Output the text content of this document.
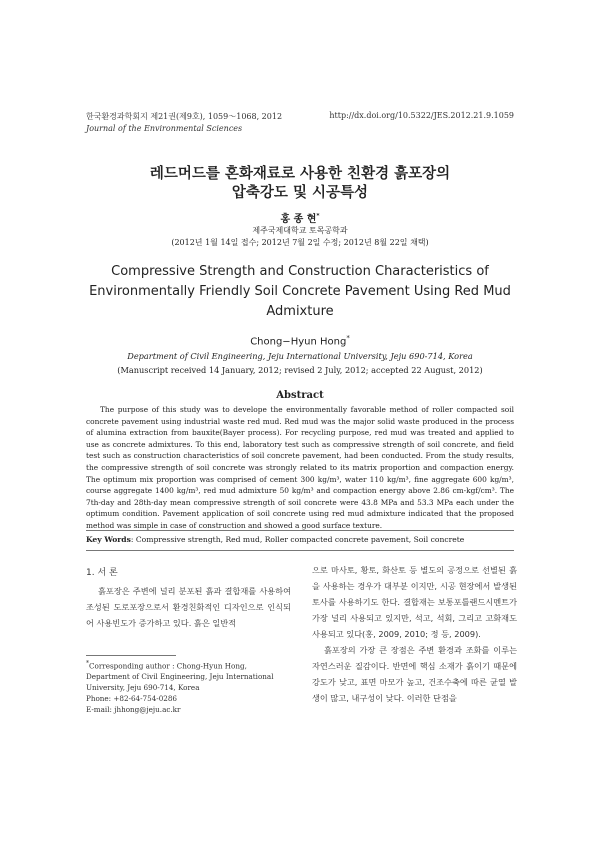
한국환경과학회지 제21권(제9호), 1059～1068, 2012
Journal of the Environmental Sciences
http://dx.doi.org/10.5322/JES.2012.21.9.1059
레드머드를 혼화재료로 사용한 친환경 흙포장의
압축강도 및 시공특성
홍 종 현*
제주국제대학교 토목공학과
(2012년 1월 14일 접수; 2012년 7월 2일 수정; 2012년 8월 22일 채택)
Compressive Strength and Construction Characteristics of Environmentally Friendly Soil Concrete Pavement Using Red Mud Admixture
Chong−Hyun Hong*
Department of Civil Engineering, Jeju International University, Jeju 690-714, Korea
(Manuscript received 14 January, 2012; revised 2 July, 2012; accepted 22 August, 2012)
Abstract
The purpose of this study was to develope the environmentally favorable method of roller compacted soil concrete pavement using industrial waste red mud. Red mud was the major solid waste produced in the process of alumina extraction from bauxite(Bayer process). For recycling purpose, red mud was treated and applied to use as concrete admixtures. To this end, laboratory test such as compressive strength of soil concrete, and field test such as construction characteristics of soil concrete pavement, had been conducted. From the study results, the compressive strength of soil concrete was strongly related to its matrix proportion and compaction energy. The optimum mix proportion was comprised of cement 300 kg/m³, water 110 kg/m³, fine aggregate 600 kg/m³, course aggregate 1400 kg/m³, red mud admixture 50 kg/m³ and compaction energy above 2.86 cm-kgf/cm³. The 7th-day and 28th-day mean compressive strength of soil concrete were 43.8 MPa and 53.3 MPa each under the optimum condition. Pavement application of soil concrete using red mud admixture indicated that the proposed method was simple in case of construction and showed a good surface texture.
Key Words: Compressive strength, Red mud, Roller compacted concrete pavement, Soil concrete
1. 서 론

흙포장은 주변에 널리 분포된 흙과 결합재를 사용하여 조성된 도로포장으로서 환경친화적인 디자인으로 인식되어 사용빈도가 증가하고 있다. 흙은 일반적

*Corresponding author : Chong-Hyun Hong, Department of Civil Engineering, Jeju International University, Jeju 690-714, Korea
Phone: +82-64-754-0286
E-mail: jhhong@jeju.ac.kr

으로 마사토, 황토, 화산토 등 별도의 공정으로 선별된 흙을 사용하는 경우가 대부분 이지만, 시공 현장에서 발생된 토사를 사용하기도 한다. 결합재는 보통포틀랜드시멘트가 가장 널리 사용되고 있지만, 석고, 석회, 그리고 고화재도 사용되고 있다(홍, 2009, 2010; 정 등, 2009).

흙포장의 가장 큰 장점은 주변 환경과 조화를 이루는 자연스러운 질감이다. 반면에 핵심 소재가 흙이기 때문에 강도가 낮고, 표면 마모가 높고, 건조수축에 따른 균열 발생이 많고, 내구성이 낮다. 이러한 단점을
